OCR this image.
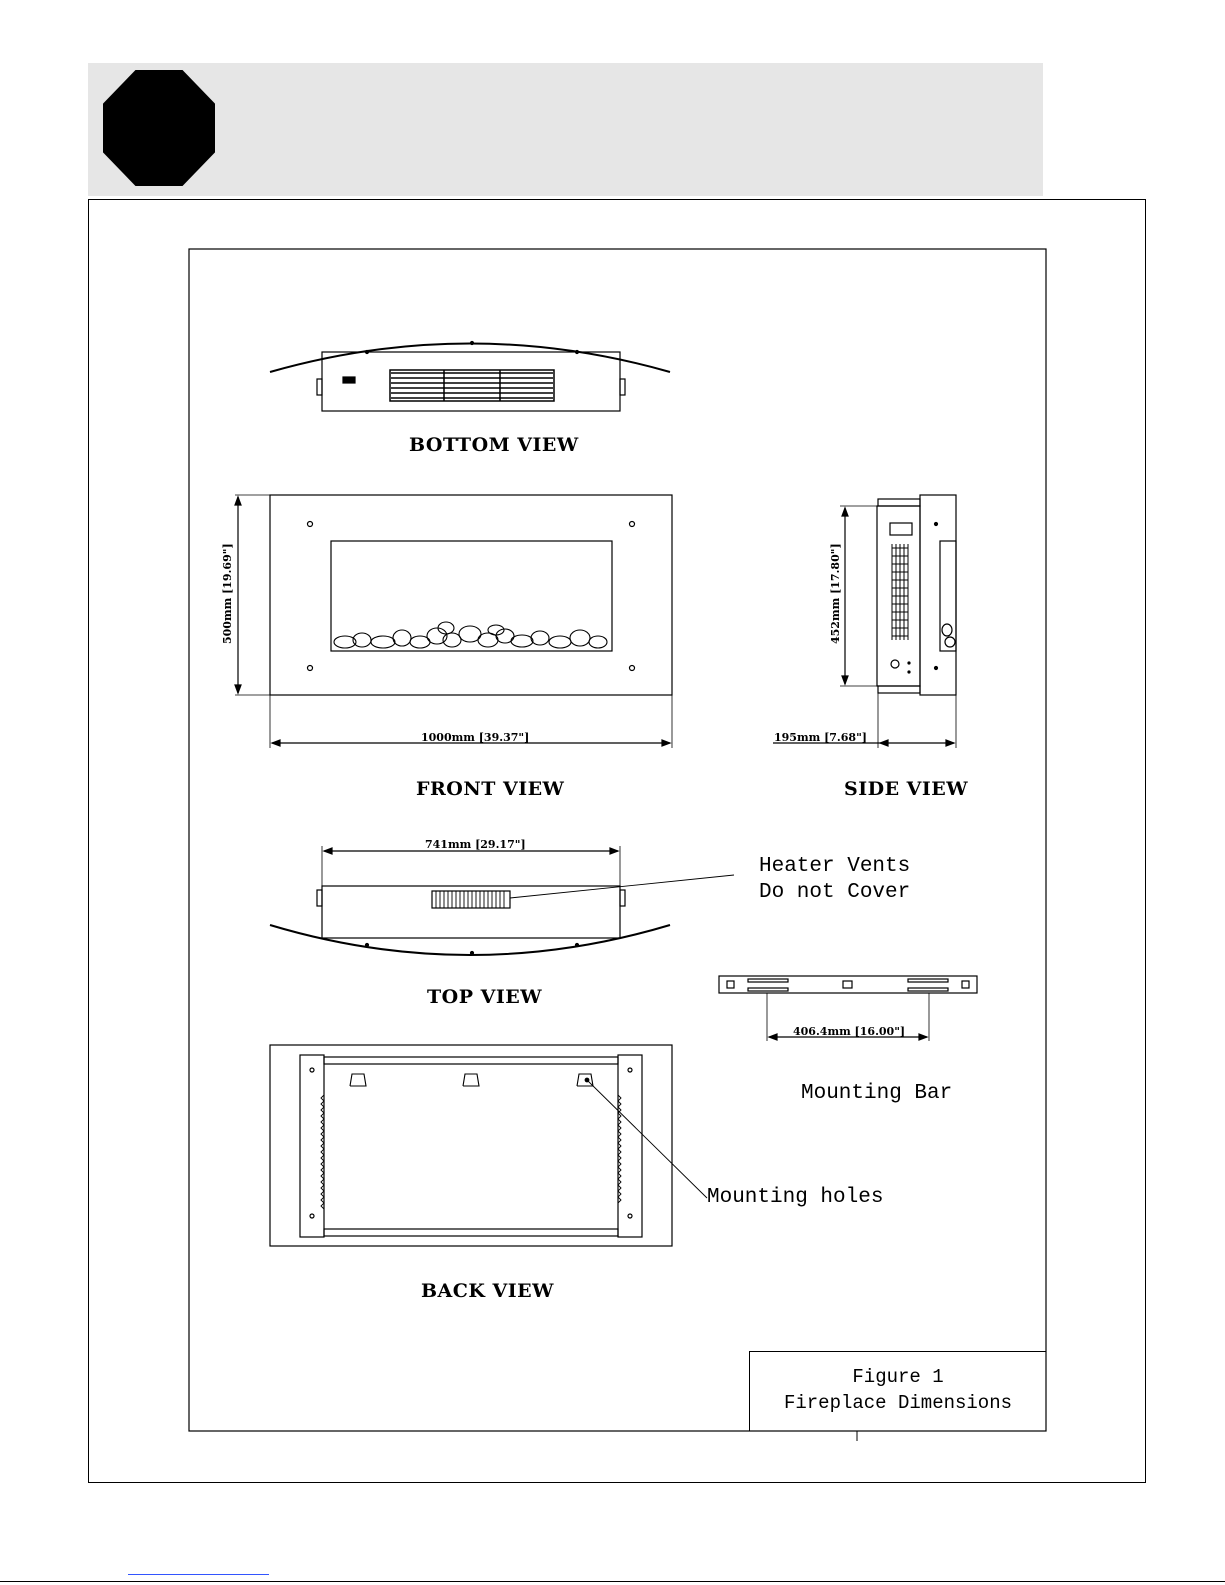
BOTTOM VIEW
FRONT VIEW	SIDE VIEW
TOP VIEW
BACK VIEW
500mm [19.69"]
1000mm [39.37"]
452mm [17.80"]
195mm [7.68"]
741mm [29.17"]
406.4mm [16.00"]
Heater Vents
Do not Cover
Mounting Bar
Mounting holes
Figure 1
Fireplace Dimensions
